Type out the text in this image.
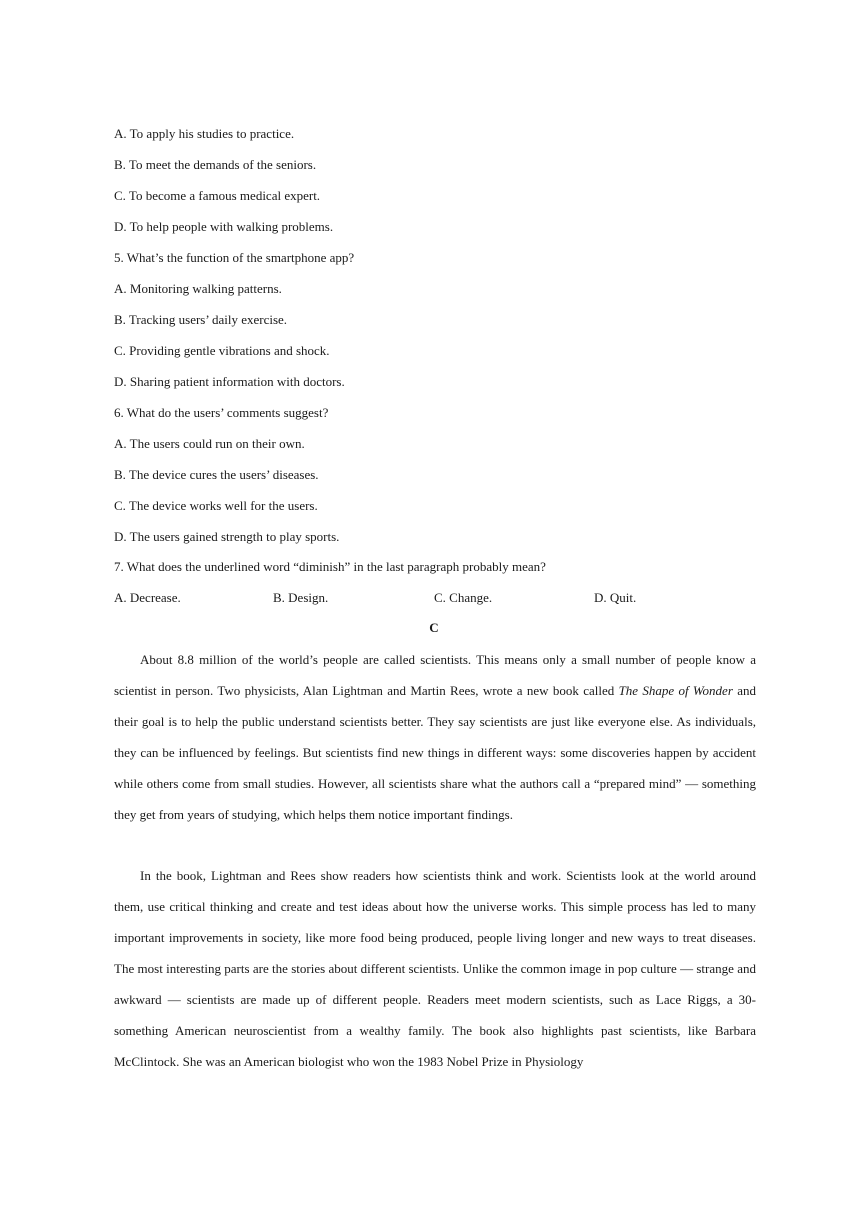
A. To apply his studies to practice.
B. To meet the demands of the seniors.
C. To become a famous medical expert.
D. To help people with walking problems.
5. What’s the function of the smartphone app?
A. Monitoring walking patterns.
B. Tracking users’ daily exercise.
C. Providing gentle vibrations and shock.
D. Sharing patient information with doctors.
6. What do the users’ comments suggest?
A. The users could run on their own.
B. The device cures the users’ diseases.
C. The device works well for the users.
D. The users gained strength to play sports.
7. What does the underlined word “diminish” in the last paragraph probably mean?
A. Decrease.	B. Design.	C. Change.	D. Quit.
C

About 8.8 million of the world’s people are called scientists. This means only a small number of people know a scientist in person. Two physicists, Alan Lightman and Martin Rees, wrote a new book called The Shape of Wonder and their goal is to help the public understand scientists better. They say scientists are just like everyone else. As individuals, they can be influenced by feelings. But scientists find new things in different ways: some discoveries happen by accident while others come from small studies. However, all scientists share what the authors call a “prepared mind” — something they get from years of studying, which helps them notice important findings.

In the book, Lightman and Rees show readers how scientists think and work. Scientists look at the world around them, use critical thinking and create and test ideas about how the universe works. This simple process has led to many important improvements in society, like more food being produced, people living longer and new ways to treat diseases. The most interesting parts are the stories about different scientists. Unlike the common image in pop culture — strange and awkward — scientists are made up of different people. Readers meet modern scientists, such as Lace Riggs, a 30-something American neuroscientist from a wealthy family. The book also highlights past scientists, like Barbara McClintock. She was an American biologist who won the 1983 Nobel Prize in Physiology
